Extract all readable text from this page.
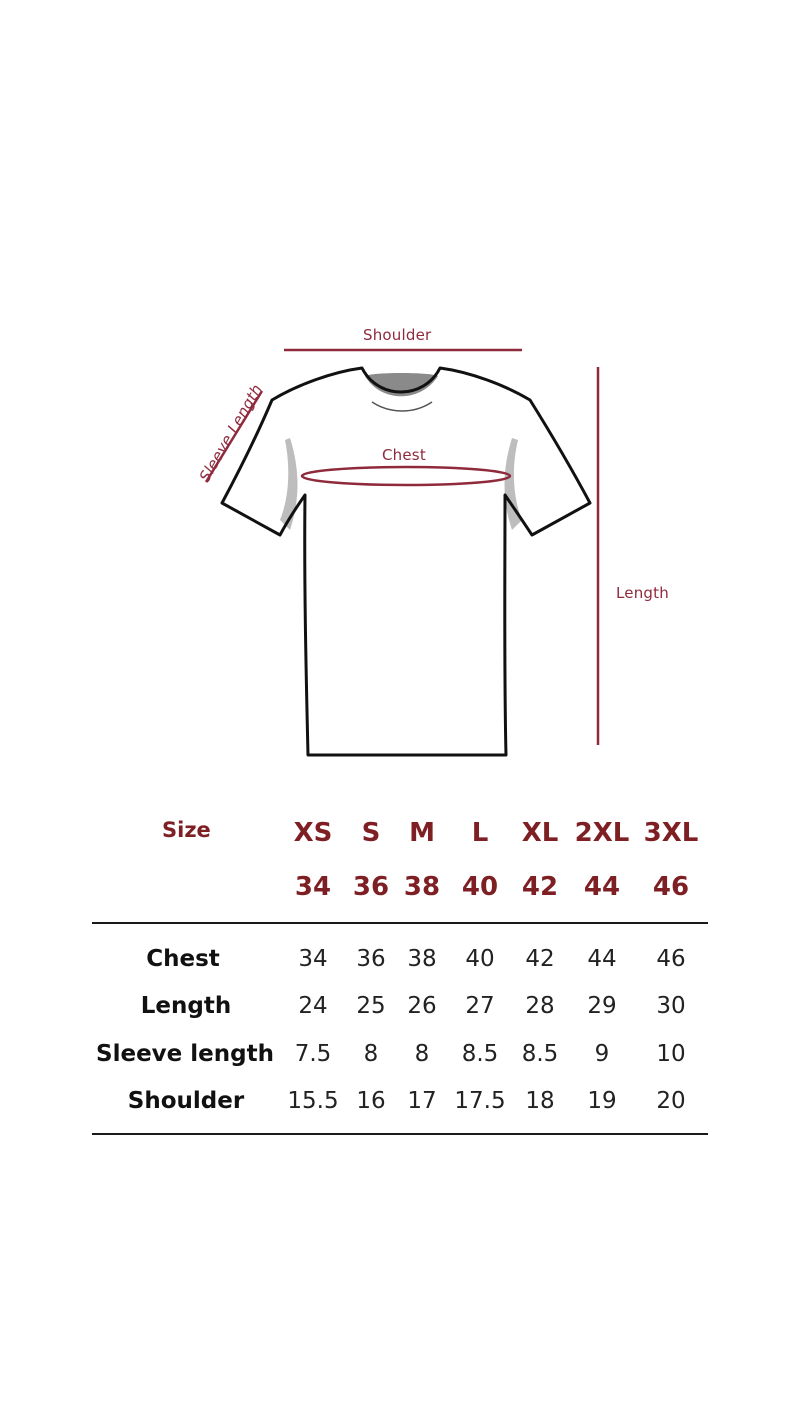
Shoulder
Chest
Length
Sleeve Length
Size	XS S M L XL 2XL 3XL
34 36 38 40 42 44 46
Chest	34 36 38 40 42 44 46
Length	24 25 26 27 28 29 30
Sleeve length 7.5 8 8 8.5 8.5 9 10
Shoulder 15.5 16 17 17.5 18 19 20
